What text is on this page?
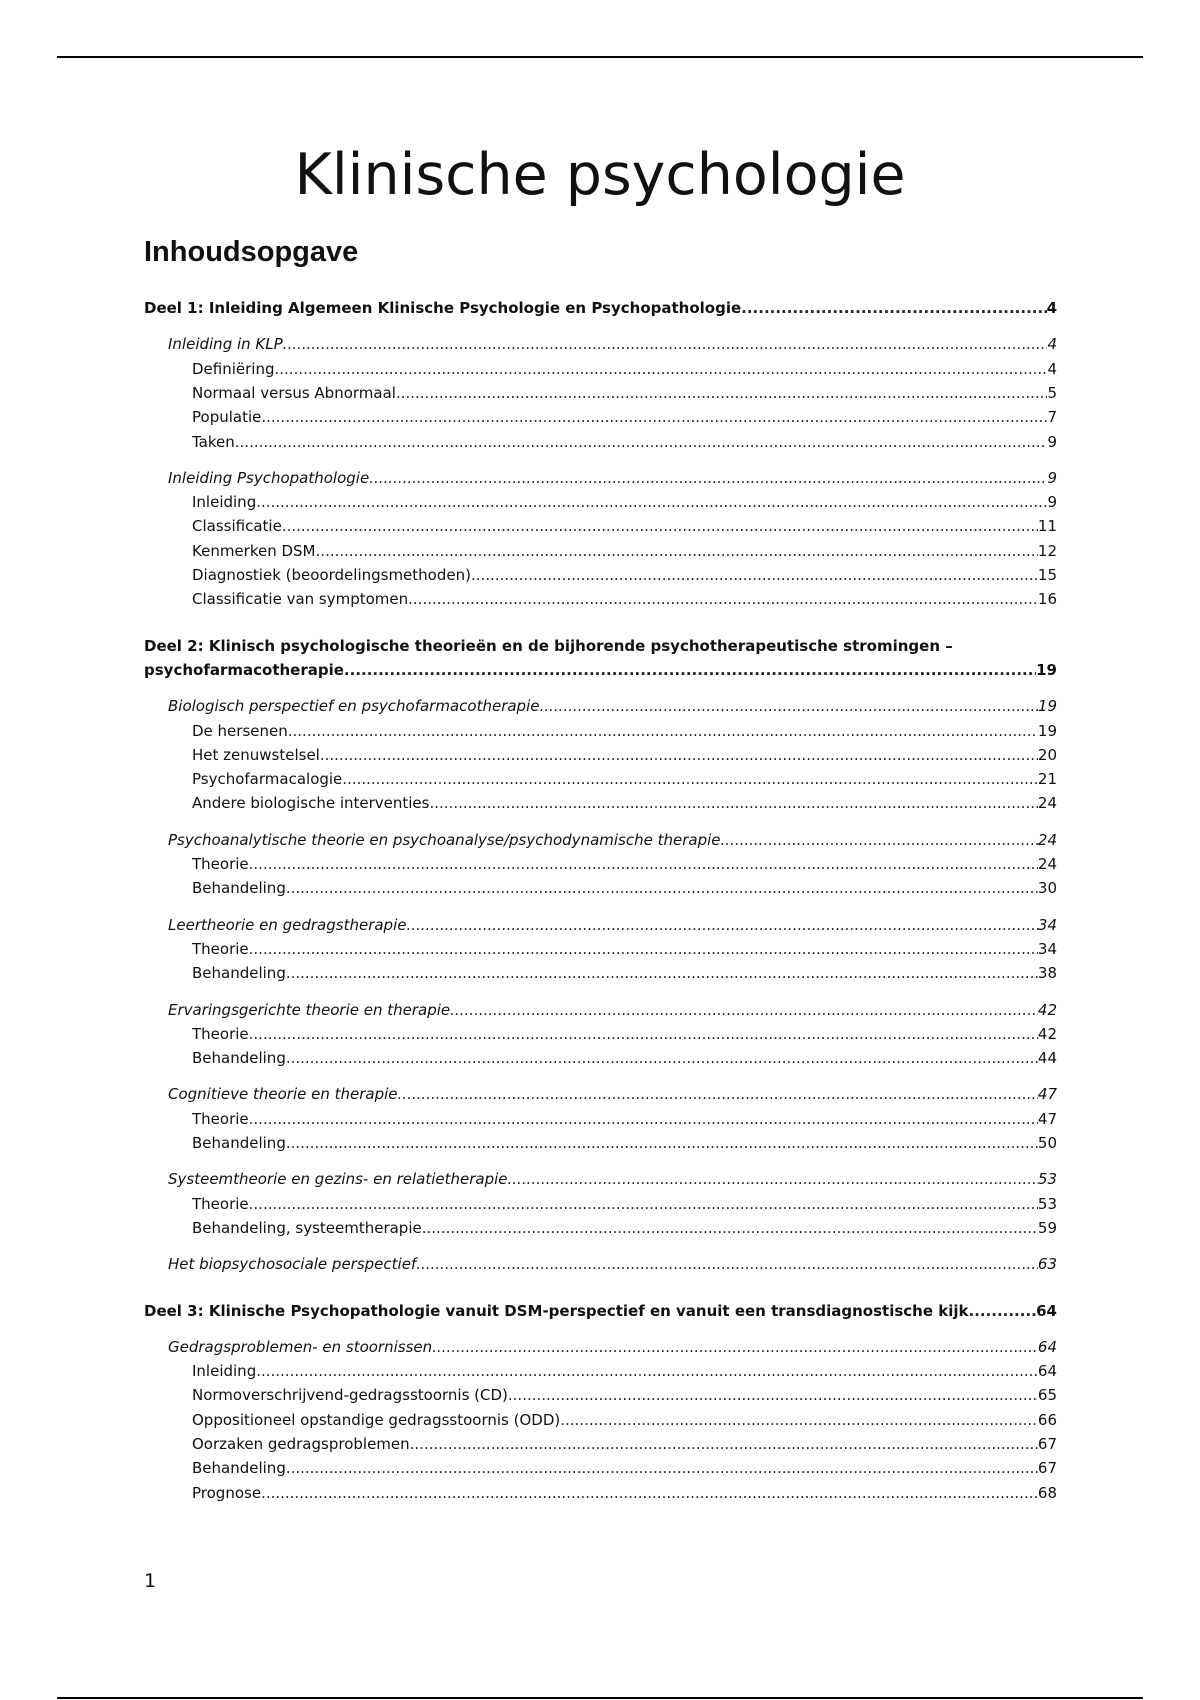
Klinische psychologie
Inhoudsopgave
Deel 1: Inleiding Algemeen Klinische Psychologie en Psychopathologie .....	4
Inleiding in KLP .....	4
Definiëring .....	4
Normaal versus Abnormaal .....	5
Populatie .....	7
Taken .....	9
Inleiding Psychopathologie .....	9
Inleiding .....	9
Classificatie .....	11
Kenmerken DSM .....	12
Diagnostiek (beoordelingsmethoden) .....	15
Classificatie van symptomen .....	16
Deel 2: Klinisch psychologische theorieën en de bijhorende psychotherapeutische stromingen –
psychofarmacotherapie .....	19
Biologisch perspectief en psychofarmacotherapie .....	19
De hersenen .....	19
Het zenuwstelsel .....	20
Psychofarmacalogie .....	21
Andere biologische interventies .....	24
Psychoanalytische theorie en psychoanalyse/psychodynamische therapie .....	24
Theorie .....	24
Behandeling .....	30
Leertheorie en gedragstherapie .....	34
Theorie .....	34
Behandeling .....	38
Ervaringsgerichte theorie en therapie .....	42
Theorie .....	42
Behandeling .....	44
Cognitieve theorie en therapie .....	47
Theorie .....	47
Behandeling .....	50
Systeemtheorie en gezins- en relatietherapie .....	53
Theorie .....	53
Behandeling, systeemtherapie .....	59
Het biopsychosociale perspectief .....	63
Deel 3: Klinische Psychopathologie vanuit DSM-perspectief en vanuit een transdiagnostische kijk .....	64
Gedragsproblemen- en stoornissen .....	64
Inleiding .....	64
Normoverschrijvend-gedragsstoornis (CD) .....	65
Oppositioneel opstandige gedragsstoornis (ODD) .....	66
Oorzaken gedragsproblemen .....	67
Behandeling .....	67
Prognose .....	68
1
